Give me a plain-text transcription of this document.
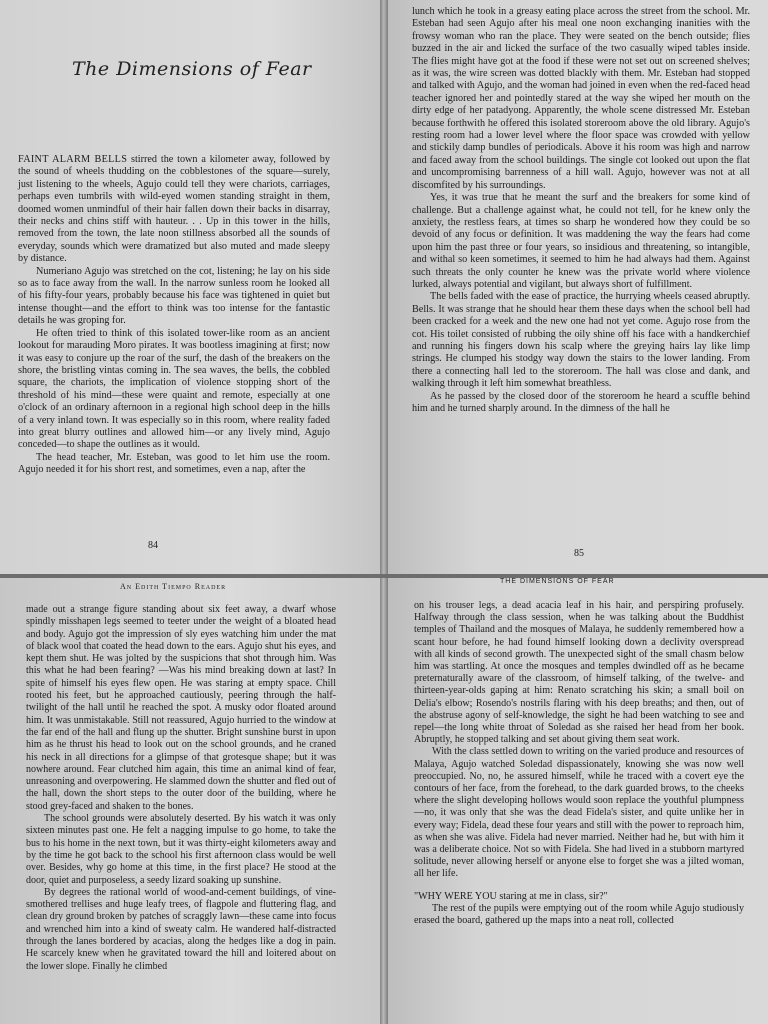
The Dimensions of Fear

FAINT ALARM BELLS stirred the town a kilometer away, followed by the sound of wheels thudding on the cobblestones of the square—surely, just listening to the wheels, Agujo could tell they were chariots, carriages, perhaps even tumbrils with wild-eyed women standing straight in them, doomed women unmindful of their hair fallen down their backs in disarray, their necks and chins stiff with hauteur. . . Up in this tower in the hills, removed from the town, the late noon stillness absorbed all the sounds of everyday, sounds which were dramatized but also muted and made sleepy by distance.

Numeriano Agujo was stretched on the cot, listening; he lay on his side so as to face away from the wall. In the narrow sunless room he looked all of his fifty-four years, probably because his face was tightened in quiet but intense thought—and the effort to think was too intense for the fantastic details he was groping for.

He often tried to think of this isolated tower-like room as an ancient lookout for marauding Moro pirates. It was bootless imagining at first; now it was easy to conjure up the roar of the surf, the dash of the breakers on the shore, the bristling vintas coming in. The sea waves, the bells, the cobbled square, the chariots, the implication of violence stopping short of the threshold of his mind—these were quaint and remote, especially at one o'clock of an ordinary afternoon in a regional high school deep in the hills of a very inland town. It was especially so in this room, where reality faded into great blurry outlines and allowed him—or any lively mind, Agujo conceded—to shape the outlines as it would.

The head teacher, Mr. Esteban, was good to let him use the room. Agujo needed it for his short rest, and sometimes, even a nap, after the

84

lunch which he took in a greasy eating place across the street from the school. Mr. Esteban had seen Agujo after his meal one noon exchanging inanities with the frowsy woman who ran the place. They were seated on the bench outside; flies buzzed in the air and licked the surface of the two casually wiped tables inside. The flies might have got at the food if these were not set out on screened shelves; as it was, the wire screen was dotted blackly with them. Mr. Esteban had stopped and talked with Agujo, and the woman had joined in even when the red-faced head teacher ignored her and pointedly stared at the way she wiped her mouth on the dirty edge of her patadyong. Apparently, the whole scene distressed Mr. Esteban because forthwith he offered this isolated storeroom above the old library. Agujo's resting room had a lower level where the floor space was crowded with yellow and stickily damp bundles of periodicals. Above it his room was high and narrow and faced away from the school buildings. The single cot looked out upon the flat and uncompromising barrenness of a hill wall. Agujo, however was not at all discomfited by his surroundings.

Yes, it was true that he meant the surf and the breakers for some kind of challenge. But a challenge against what, he could not tell, for he knew only the anxiety, the restless fears, at times so sharp he wondered how they could be so devoid of any focus or definition. It was maddening the way the fears had come upon him the past three or four years, so insidious and threatening, so intangible, and withal so keen sometimes, it seemed to him he had always had them. Against such threats the only counter he knew was the private world where violence lurked, always potential and vigilant, but always short of fulfillment.

The bells faded with the ease of practice, the hurrying wheels ceased abruptly. Bells. It was strange that he should hear them these days when the school bell had been cracked for a week and the new one had not yet come. Agujo rose from the cot. His toilet consisted of rubbing the oily shine off his face with a handkerchief and running his fingers down his scalp where the greying hairs lay like limp strings. He clumped his stodgy way down the stairs to the lower landing. From there a connecting hall led to the storeroom. The hall was close and dank, and walking through it left him somewhat breathless.

As he passed by the closed door of the storeroom he heard a scuffle behind him and he turned sharply around. In the dimness of the hall he

85
An Edith Tiempo Reader

made out a strange figure standing about six feet away, a dwarf whose spindly misshapen legs seemed to teeter under the weight of a bloated head and body. Agujo got the impression of sly eyes watching him under the mat of black wool that coated the head down to the ears. Agujo shut his eyes, and kept them shut. He was jolted by the suspicions that shot through him. Was this what he had been fearing? —Was his mind breaking down at last? In spite of himself his eyes flew open. He was staring at empty space. Chill rooted his feet, but he approached cautiously, peering through the half-twilight of the hall until he reached the spot. A musky odor floated around him. It was unmistakable. Still not reassured, Agujo hurried to the window at the far end of the hall and flung up the shutter. Bright sunshine burst in upon him as he thrust his head to look out on the school grounds, and he craned his neck in all directions for a glimpse of that grotesque shape; but it was nowhere around. Fear clutched him again, this time an animal kind of fear, unreasoning and overpowering. He slammed down the shutter and fled out of the hall, down the short steps to the outer door of the building, where he stood grey-faced and shaken to the bones.

The school grounds were absolutely deserted. By his watch it was only sixteen minutes past one. He felt a nagging impulse to go home, to take the bus to his home in the next town, but it was thirty-eight kilometers away and by the time he got back to the school his first afternoon class would be well over. Besides, why go home at this time, in the first place? He stood at the door, quiet and purposeless, a seedy lizard soaking up sunshine.

By degrees the rational world of wood-and-cement buildings, of vine-smothered trellises and huge leafy trees, of flagpole and fluttering flag, and clean dry ground broken by patches of scraggly lawn—these came into focus and wrenched him into a kind of sweaty calm. He wandered half-distracted through the lanes bordered by acacias, along the hedges like a dog in pain. He scarcely knew when he gravitated toward the hill and loitered about on the lower slope. Finally he climbed

THE DIMENSIONS OF FEAR

on his trouser legs, a dead acacia leaf in his hair, and perspiring profusely. Halfway through the class session, when he was talking about the Buddhist temples of Thailand and the mosques of Malaya, he suddenly remembered how a scant hour before, he had found himself looking down a declivity overspread with all kinds of second growth. The unexpected sight of the small chasm below him was startling. At once the mosques and temples dwindled off as he became preternaturally aware of the classroom, of himself talking, of the twelve- and thirteen-year-olds gaping at him: Renato scratching his skin; a small boil on Delia's elbow; Rosendo's nostrils flaring with his deep breaths; and then, out of the abstruse agony of self-knowledge, the sight he had been watching to see and repel—the long white throat of Soledad as she raised her head from her book. Abruptly, he stopped talking and set about giving them seat work.

With the class settled down to writing on the varied produce and resources of Malaya, Agujo watched Soledad dispassionately, knowing she was now well preoccupied. No, no, he assured himself, while he traced with a covert eye the contours of her face, from the forehead, to the dark guarded brows, to the cheeks where the slight developing hollows would soon replace the youthful plumpness—no, it was only that she was the dead Fidela's sister, and quite unlike her in every way; Fidela, dead these four years and still with the power to reproach him, as when she was alive. Fidela had never married. Neither had he, but with him it was a deliberate choice. Not so with Fidela. She had lived in a stubborn martyred solitude, never allowing herself or anyone else to forget she was a jilted woman, all her life.

"WHY WERE YOU staring at me in class, sir?"

The rest of the pupils were emptying out of the room while Agujo studiously erased the board, gathered up the maps into a neat roll, collected
